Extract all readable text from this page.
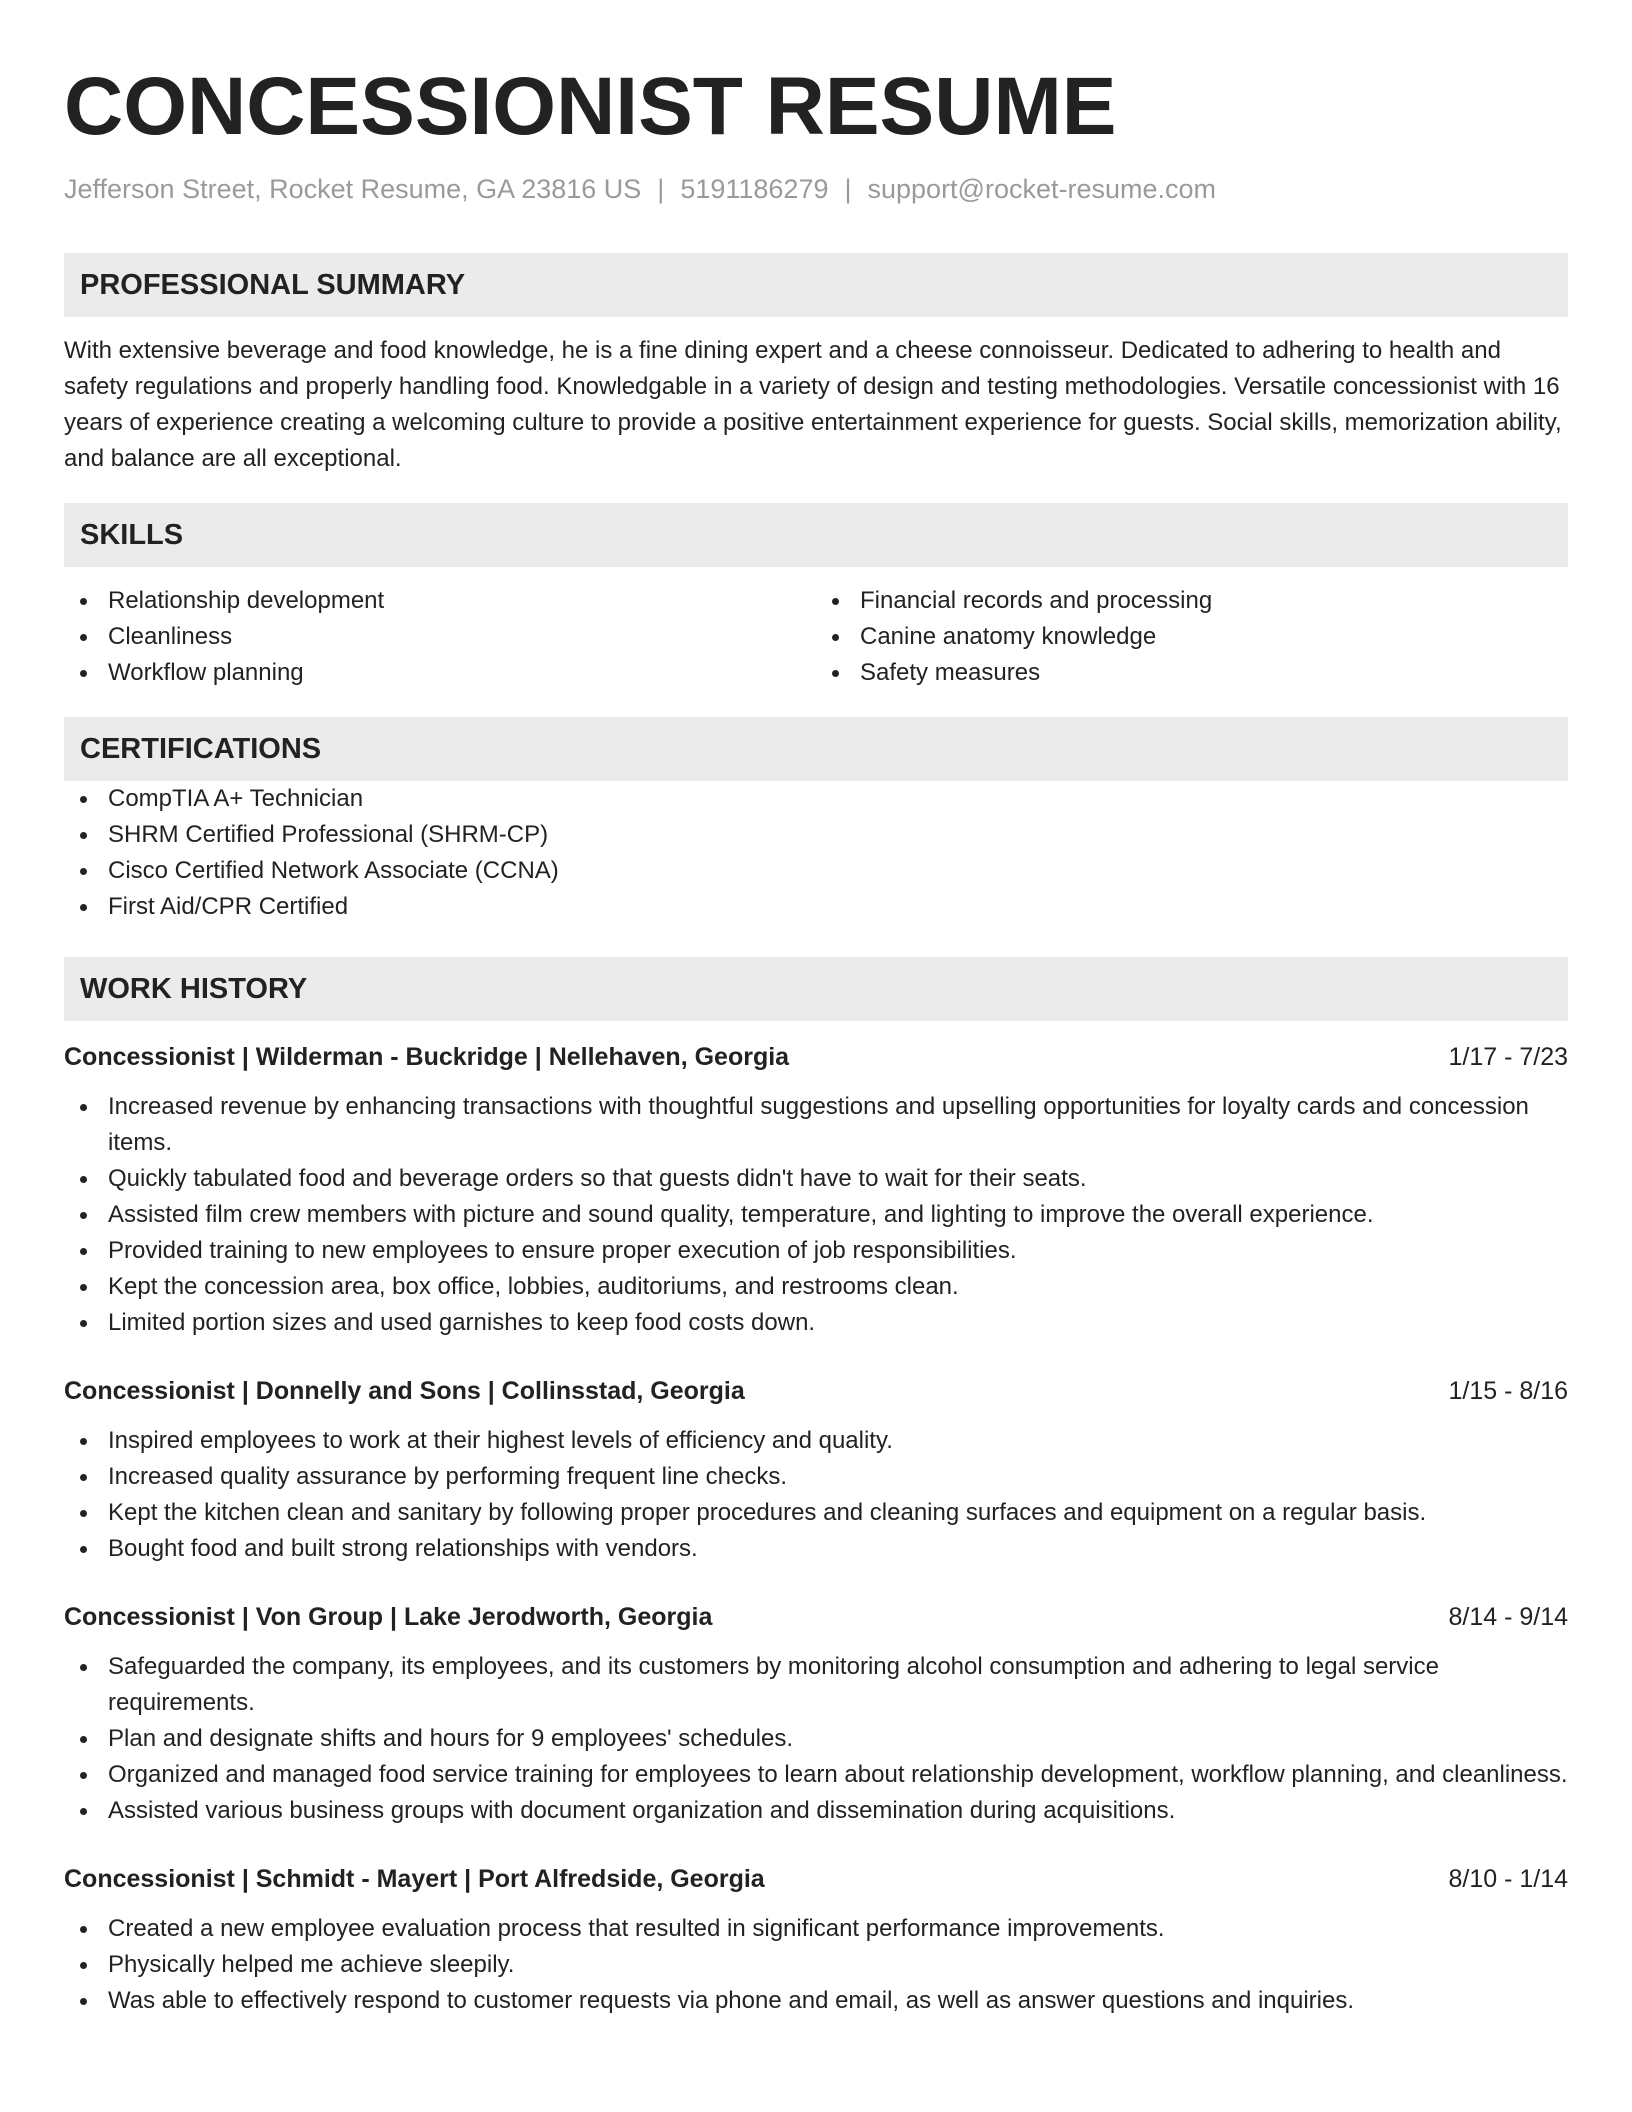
CONCESSIONIST RESUME
Jefferson Street, Rocket Resume, GA 23816 US | 5191186279 | support@rocket-resume.com
PROFESSIONAL SUMMARY

With extensive beverage and food knowledge, he is a fine dining expert and a cheese connoisseur. Dedicated to adhering to health and safety regulations and properly handling food. Knowledgable in a variety of design and testing methodologies. Versatile concessionist with 16 years of experience creating a welcoming culture to provide a positive entertainment experience for guests. Social skills, memorization ability, and balance are all exceptional.

SKILLS
Relationship development
Cleanliness
Workflow planning
Financial records and processing
Canine anatomy knowledge
Safety measures
CERTIFICATIONS
CompTIA A+ Technician
SHRM Certified Professional (SHRM-CP)
Cisco Certified Network Associate (CCNA)
First Aid/CPR Certified
WORK HISTORY
Concessionist | Wilderman - Buckridge | Nellehaven, Georgia	1/17 - 7/23
Increased revenue by enhancing transactions with thoughtful suggestions and upselling opportunities for loyalty cards and concession items.
Quickly tabulated food and beverage orders so that guests didn't have to wait for their seats.
Assisted film crew members with picture and sound quality, temperature, and lighting to improve the overall experience.
Provided training to new employees to ensure proper execution of job responsibilities.
Kept the concession area, box office, lobbies, auditoriums, and restrooms clean.
Limited portion sizes and used garnishes to keep food costs down.
Concessionist | Donnelly and Sons | Collinsstad, Georgia	1/15 - 8/16
Inspired employees to work at their highest levels of efficiency and quality.
Increased quality assurance by performing frequent line checks.
Kept the kitchen clean and sanitary by following proper procedures and cleaning surfaces and equipment on a regular basis.
Bought food and built strong relationships with vendors.
Concessionist | Von Group | Lake Jerodworth, Georgia	8/14 - 9/14
Safeguarded the company, its employees, and its customers by monitoring alcohol consumption and adhering to legal service requirements.
Plan and designate shifts and hours for 9 employees' schedules.
Organized and managed food service training for employees to learn about relationship development, workflow planning, and cleanliness.
Assisted various business groups with document organization and dissemination during acquisitions.
Concessionist | Schmidt - Mayert | Port Alfredside, Georgia	8/10 - 1/14
Created a new employee evaluation process that resulted in significant performance improvements.
Physically helped me achieve sleepily.
Was able to effectively respond to customer requests via phone and email, as well as answer questions and inquiries.
